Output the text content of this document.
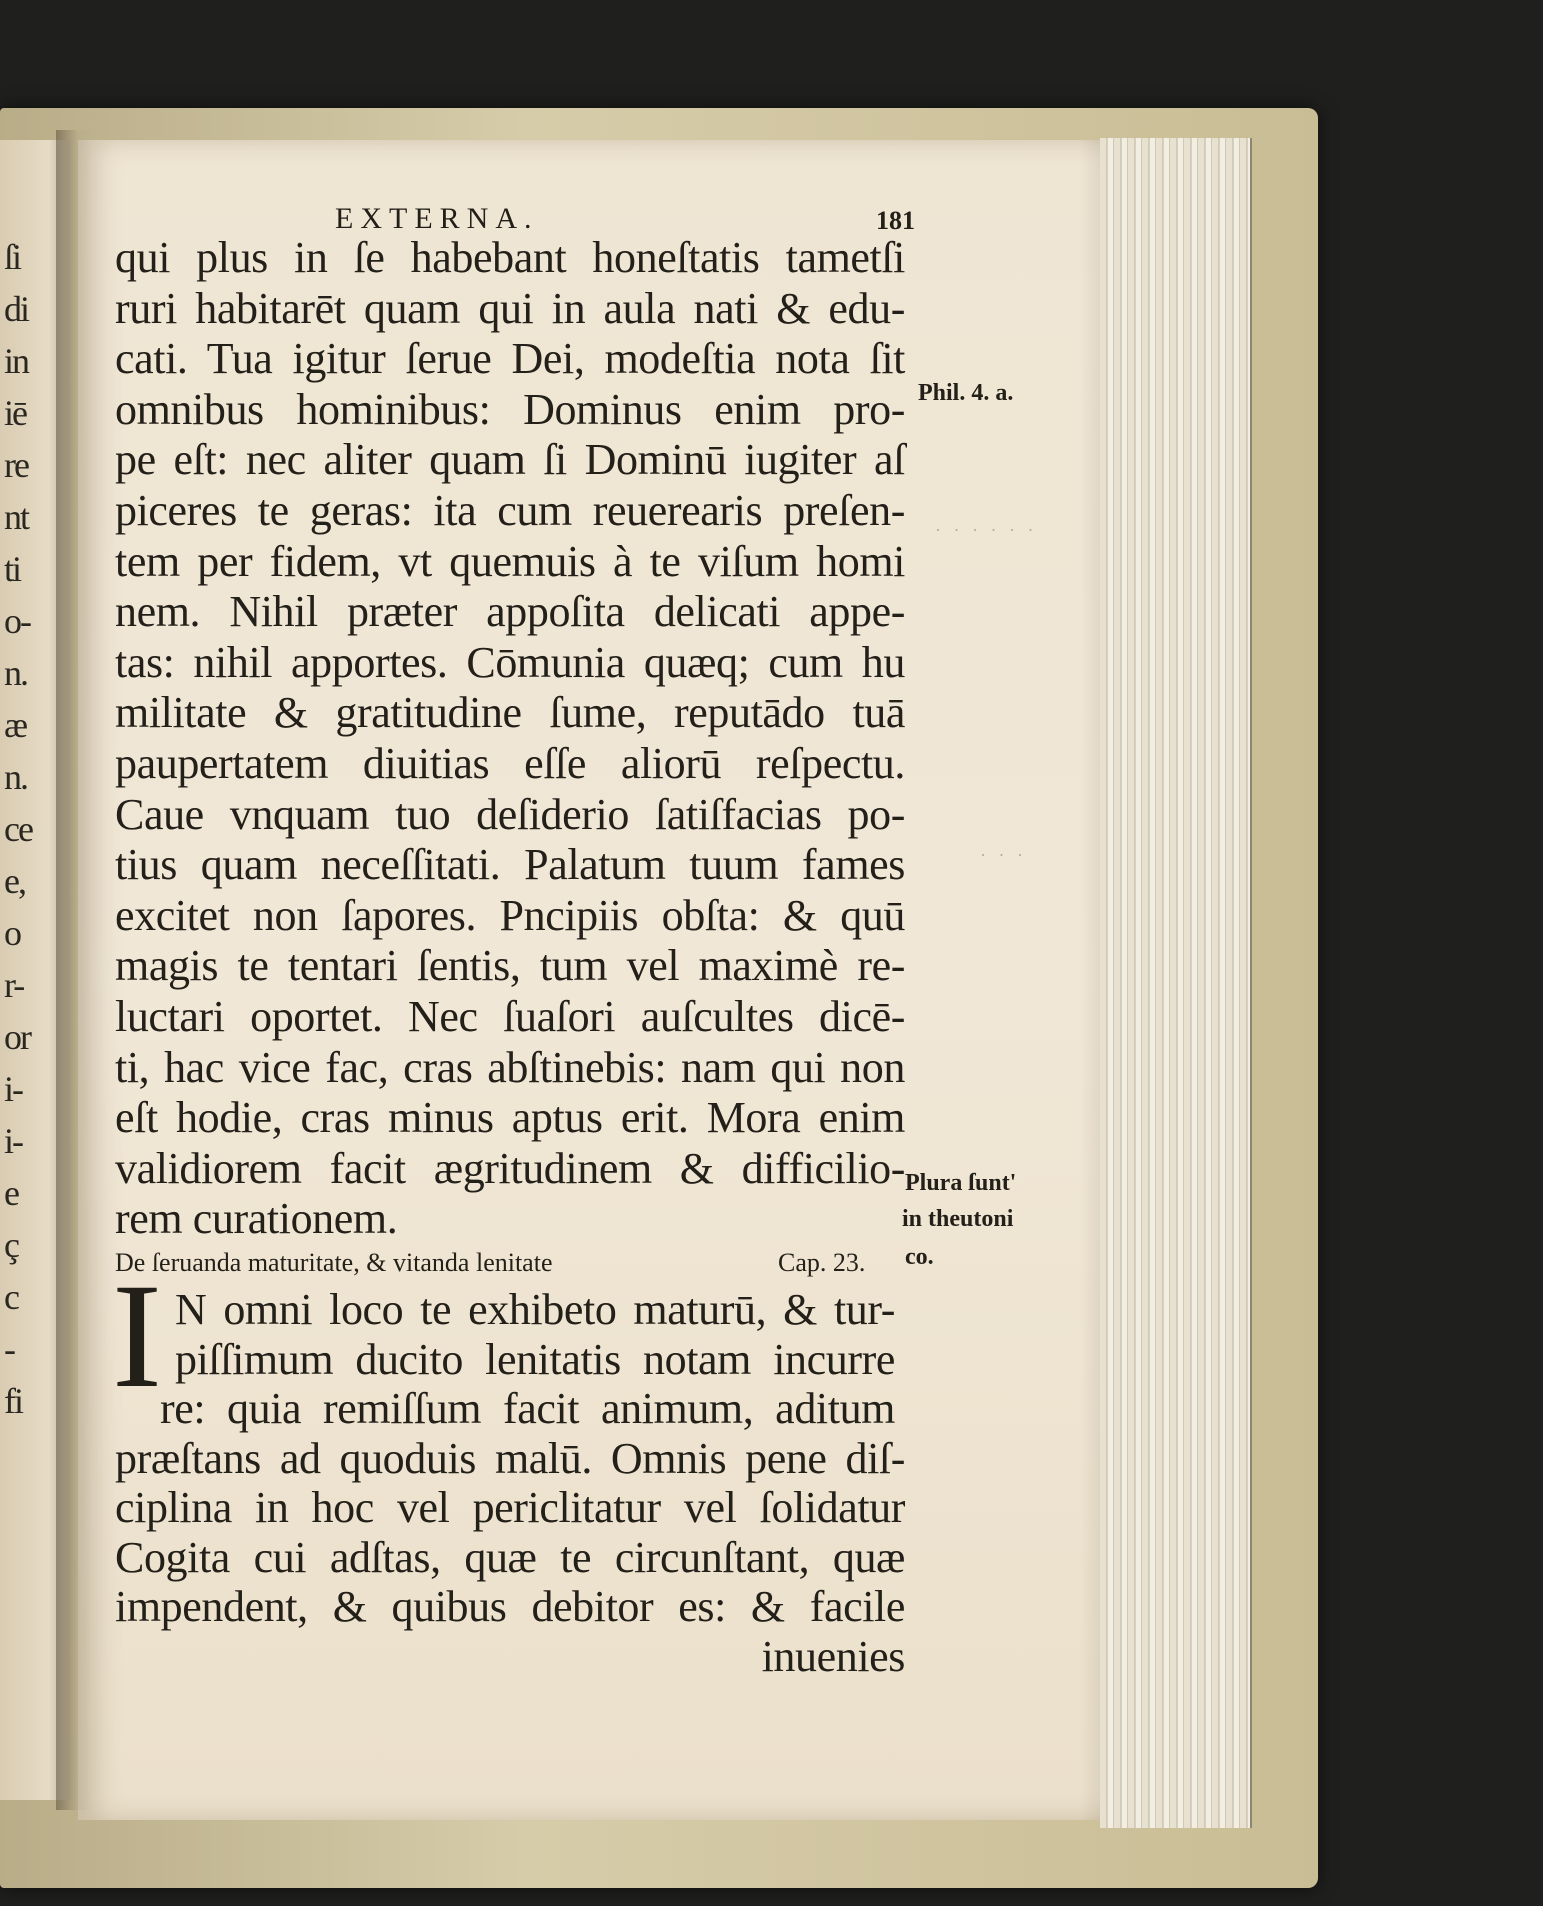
ſi
di
in
iē
re
nt
ti
o-
n.
æ
n.
ce
e,
o
r-
or
i-
i-
e
ç
c
-
fi
EXTERNA.	181
qui plus in ſe habebant honeſtatis tametſi
ruri habitarēt quam qui in aula nati & edu-
cati. Tua igitur ſerue Dei, modeſtia nota ſit
omnibus hominibus: Dominus enim pro-
pe eſt: nec aliter quam ſi Dominū iugiter aſ
piceres te geras: ita cum reuerearis preſen-
tem per fidem, vt quemuis à te viſum homi
nem. Nihil præter appoſita delicati appe-
tas: nihil apportes. Cōmunia quæq; cum hu
militate & gratitudine ſume, reputādo tuā
paupertatem diuitias eſſe aliorū reſpectu.
Caue vnquam tuo deſiderio ſatiſfacias po-
tius quam neceſſitati. Palatum tuum fames
excitet non ſapores. Pncipiis obſta: & quū
magis te tentari ſentis, tum vel maximè re-
luctari oportet. Nec ſuaſori auſcultes dicē-
ti, hac vice fac, cras abſtinebis: nam qui non
eſt hodie, cras minus aptus erit. Mora enim
validiorem facit ægritudinem & difficilio-
rem curationem.
De ſeruanda maturitate, & vitanda lenitate	Cap. 23.
I N omni loco te exhibeto maturū, & tur-
piſſimum ducito lenitatis notam incurre
re: quia remiſſum facit animum, aditum
præſtans ad quoduis malū. Omnis pene diſ-
ciplina in hoc vel periclitatur vel ſolidatur
Cogita cui adſtas, quæ te circunſtant, quæ
impendent, & quibus debitor es: & facile
inuenies
Phil. 4. a.
Plura ſunt'
in theutoni
co.
· · · · · ·
· · ·
